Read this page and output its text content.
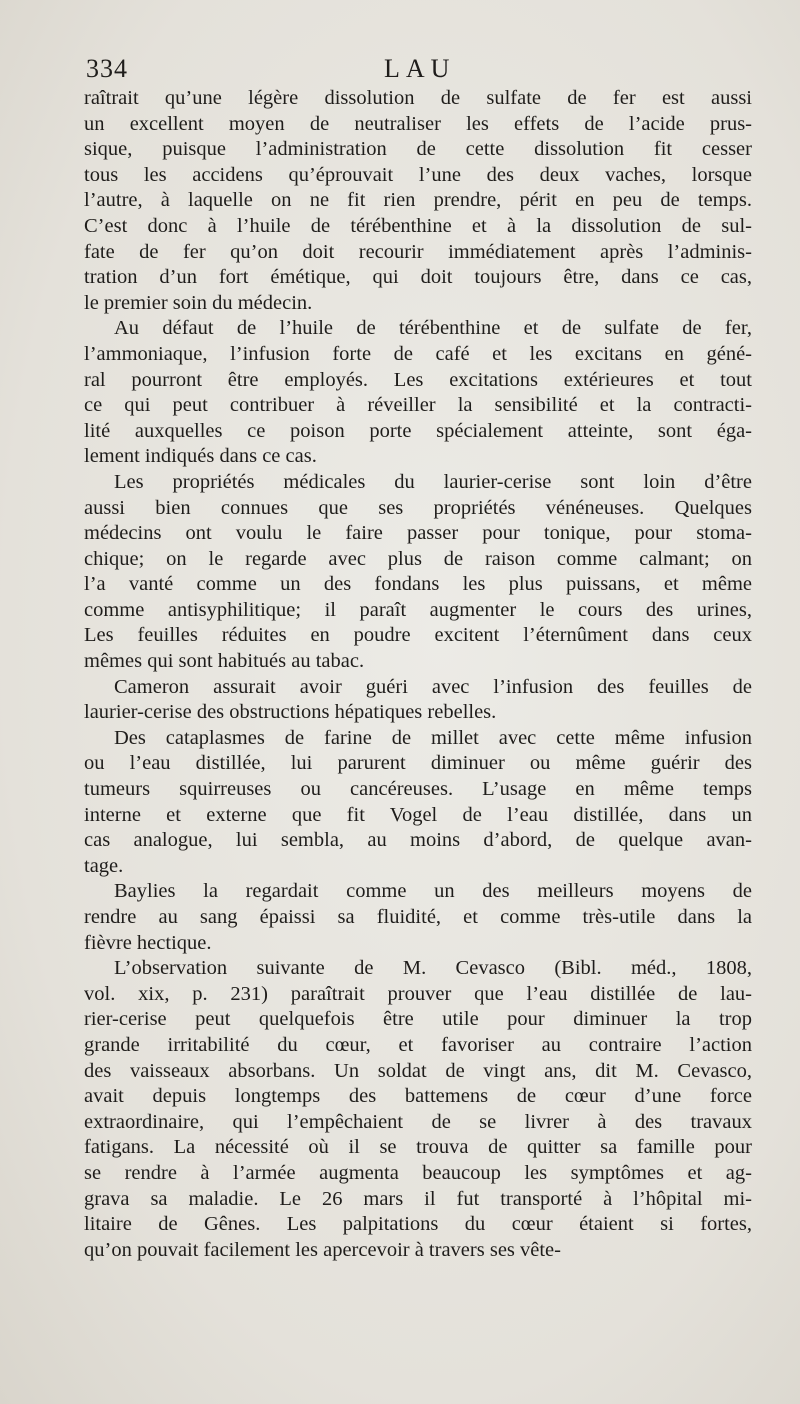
334	LAU
raîtrait qu’une légère dissolution de sulfate de fer est aussi
un excellent moyen de neutraliser les effets de l’acide prus-
sique, puisque l’administration de cette dissolution fit cesser
tous les accidens qu’éprouvait l’une des deux vaches, lorsque
l’autre, à laquelle on ne fit rien prendre, périt en peu de temps.
C’est donc à l’huile de térébenthine et à la dissolution de sul-
fate de fer qu’on doit recourir immédiatement après l’adminis-
tration d’un fort émétique, qui doit toujours être, dans ce cas,
le premier soin du médecin.
Au défaut de l’huile de térébenthine et de sulfate de fer,
l’ammoniaque, l’infusion forte de café et les excitans en géné-
ral pourront être employés. Les excitations extérieures et tout
ce qui peut contribuer à réveiller la sensibilité et la contracti-
lité auxquelles ce poison porte spécialement atteinte, sont éga-
lement indiqués dans ce cas.
Les propriétés médicales du laurier-cerise sont loin d’être
aussi bien connues que ses propriétés vénéneuses. Quelques
médecins ont voulu le faire passer pour tonique, pour stoma-
chique; on le regarde avec plus de raison comme calmant; on
l’a vanté comme un des fondans les plus puissans, et même
comme antisyphilitique; il paraît augmenter le cours des urines,
Les feuilles réduites en poudre excitent l’éternûment dans ceux
mêmes qui sont habitués au tabac.
Cameron assurait avoir guéri avec l’infusion des feuilles de
laurier-cerise des obstructions hépatiques rebelles.
Des cataplasmes de farine de millet avec cette même infusion
ou l’eau distillée, lui parurent diminuer ou même guérir des
tumeurs squirreuses ou cancéreuses. L’usage en même temps
interne et externe que fit Vogel de l’eau distillée, dans un
cas analogue, lui sembla, au moins d’abord, de quelque avan-
tage.
Baylies la regardait comme un des meilleurs moyens de
rendre au sang épaissi sa fluidité, et comme très-utile dans la
fièvre hectique.
L’observation suivante de M. Cevasco (Bibl. méd., 1808,
vol. xix, p. 231) paraîtrait prouver que l’eau distillée de lau-
rier-cerise peut quelquefois être utile pour diminuer la trop
grande irritabilité du cœur, et favoriser au contraire l’action
des vaisseaux absorbans. Un soldat de vingt ans, dit M. Cevasco,
avait depuis longtemps des battemens de cœur d’une force
extraordinaire, qui l’empêchaient de se livrer à des travaux
fatigans. La nécessité où il se trouva de quitter sa famille pour
se rendre à l’armée augmenta beaucoup les symptômes et ag-
grava sa maladie. Le 26 mars il fut transporté à l’hôpital mi-
litaire de Gênes. Les palpitations du cœur étaient si fortes,
qu’on pouvait facilement les apercevoir à travers ses vête-
